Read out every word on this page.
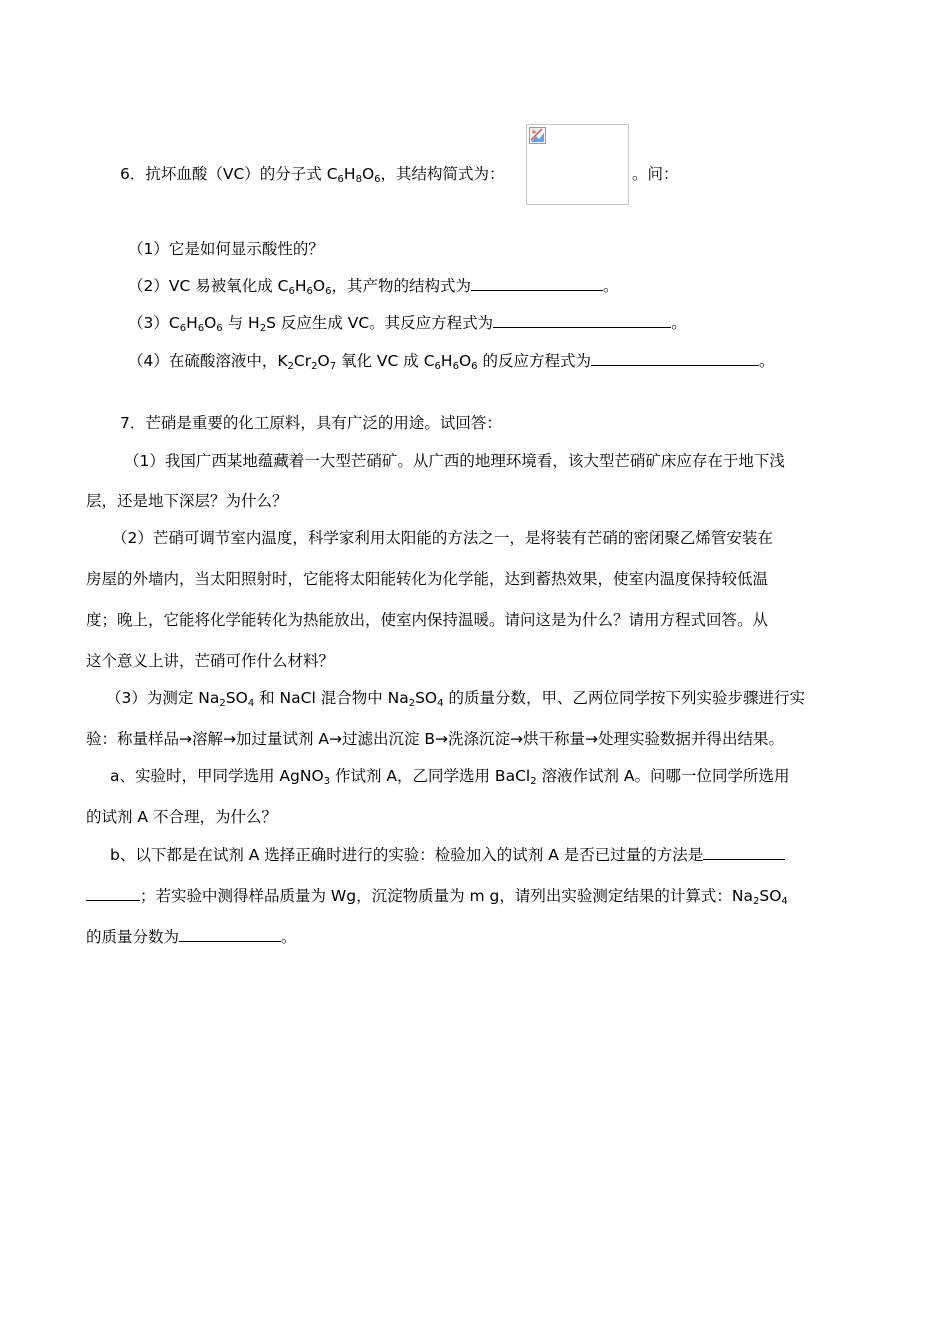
6．抗坏血酸（VC）的分子式 $C_6H_8O_6$，其结构简式为：	。问：
（1）它是如何显示酸性的？
（2）VC 易被氧化成 $C_6H_6O_6$，其产物的结构式为	。
$(3)C_6H_6O_6$ 与 $H_2S$ 反应生成 VC。其反应方程式为	。
（4）在硫酸溶液中，$K_2Cr_2O_7$ 氧化 VC 成 $C_6H_6O_6$ 的反应方程式为	。
7．芒硝是重要的化工原料，具有广泛的用途。试回答：
（1）我国广西某地蕴藏着一大型芒硝矿。从广西的地理环境看，该大型芒硝矿床应存在于地下浅
层，还是地下深层？为什么？
（2）芒硝可调节室内温度，科学家利用太阳能的方法之一，是将装有芒硝的密闭聚乙烯管安装在
房屋的外墙内，当太阳照射时，它能将太阳能转化为化学能，达到蓄热效果，使室内温度保持较低温
度；晚上，它能将化学能转化为热能放出，使室内保持温暖。请问这是为什么？请用方程式回答。从
这个意义上讲，芒硝可作什么材料？
（3）为测定 $Na_2SO_4$ 和 NaCl 混合物中 $Na_2SO_4$ 的质量分数，甲、乙两位同学按下列实验步骤进行实
验：称量样品→溶解→加过量试剂 A→过滤出沉淀 B→洗涤沉淀→烘干称量→处理实验数据并得出结果。
a、实验时，甲同学选用 AgNO$_3$ 作试剂 A，乙同学选用 BaCl$_2$ 溶液作试剂 A。问哪一位同学所选用
的试剂 A 不合理，为什么？
b、以下都是在试剂 A 选择正确时进行的实验：检验加入的试剂 A 是否已过量的方法是
；若实验中测得样品质量为 Wg，沉淀物质量为 m g，请列出实验测定结果的计算式：$Na_2SO_4$
的质量分数为	。
